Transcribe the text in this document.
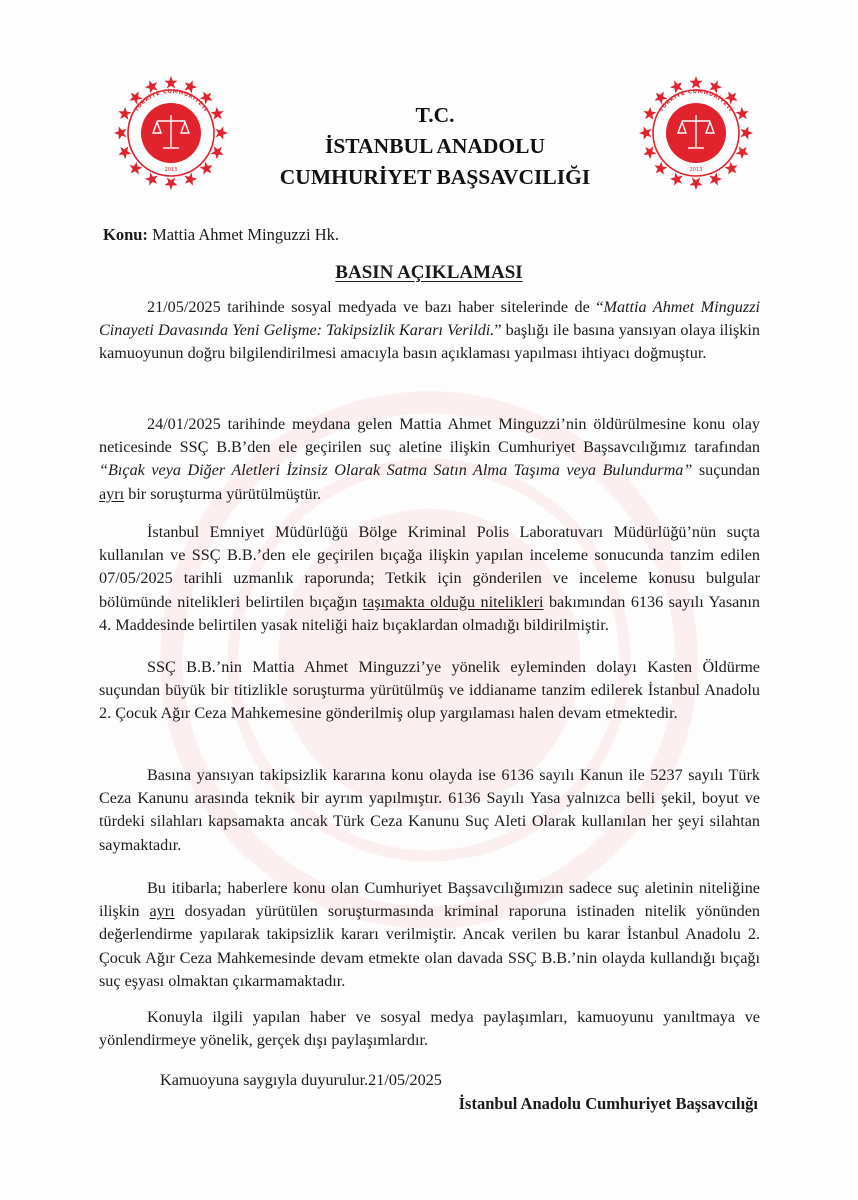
TÜRKİYE CUMHURİYETİ
2013
TÜRKİYE CUMHURİYETİ
2013
T.C.
İSTANBUL ANADOLU
CUMHURİYET BAŞSAVCILIĞI
Konu: Mattia Ahmet Minguzzi Hk.
BASIN AÇIKLAMASI

21/05/2025 tarihinde sosyal medyada ve bazı haber sitelerinde de “Mattia Ahmet Minguzzi Cinayeti Davasında Yeni Gelişme: Takipsizlik Kararı Verildi.” başlığı ile basına yansıyan olaya ilişkin kamuoyunun doğru bilgilendirilmesi amacıyla basın açıklaması yapılması ihtiyacı doğmuştur.

24/01/2025 tarihinde meydana gelen Mattia Ahmet Minguzzi’nin öldürülmesine konu olay neticesinde SSÇ B.B’den ele geçirilen suç aletine ilişkin Cumhuriyet Başsavcılığımız tarafından “Bıçak veya Diğer Aletleri İzinsiz Olarak Satma Satın Alma Taşıma veya Bulundurma” suçundan ayrı bir soruşturma yürütülmüştür.

İstanbul Emniyet Müdürlüğü Bölge Kriminal Polis Laboratuvarı Müdürlüğü’nün suçta kullanılan ve SSÇ B.B.’den ele geçirilen bıçağa ilişkin yapılan inceleme sonucunda tanzim edilen 07/05/2025 tarihli uzmanlık raporunda; Tetkik için gönderilen ve inceleme konusu bulgular bölümünde nitelikleri belirtilen bıçağın taşımakta olduğu nitelikleri bakımından 6136 sayılı Yasanın 4. Maddesinde belirtilen yasak niteliği haiz bıçaklardan olmadığı bildirilmiştir.

SSÇ B.B.’nin Mattia Ahmet Minguzzi’ye yönelik eyleminden dolayı Kasten Öldürme suçundan büyük bir titizlikle soruşturma yürütülmüş ve iddianame tanzim edilerek İstanbul Anadolu 2. Çocuk Ağır Ceza Mahkemesine gönderilmiş olup yargılaması halen devam etmektedir.

Basına yansıyan takipsizlik kararına konu olayda ise 6136 sayılı Kanun ile 5237 sayılı Türk Ceza Kanunu arasında teknik bir ayrım yapılmıştır. 6136 Sayılı Yasa yalnızca belli şekil, boyut ve türdeki silahları kapsamakta ancak Türk Ceza Kanunu Suç Aleti Olarak kullanılan her şeyi silahtan saymaktadır.

Bu itibarla; haberlere konu olan Cumhuriyet Başsavcılığımızın sadece suç aletinin niteliğine ilişkin ayrı dosyadan yürütülen soruşturmasında kriminal raporuna istinaden nitelik yönünden değerlendirme yapılarak takipsizlik kararı verilmiştir. Ancak verilen bu karar İstanbul Anadolu 2. Çocuk Ağır Ceza Mahkemesinde devam etmekte olan davada SSÇ B.B.’nin olayda kullandığı bıçağı suç eşyası olmaktan çıkarmamaktadır.

Konuyla ilgili yapılan haber ve sosyal medya paylaşımları, kamuoyunu yanıltmaya ve yönlendirmeye yönelik, gerçek dışı paylaşımlardır.

Kamuoyuna saygıyla duyurulur.21/05/2025
İstanbul Anadolu Cumhuriyet Başsavcılığı
